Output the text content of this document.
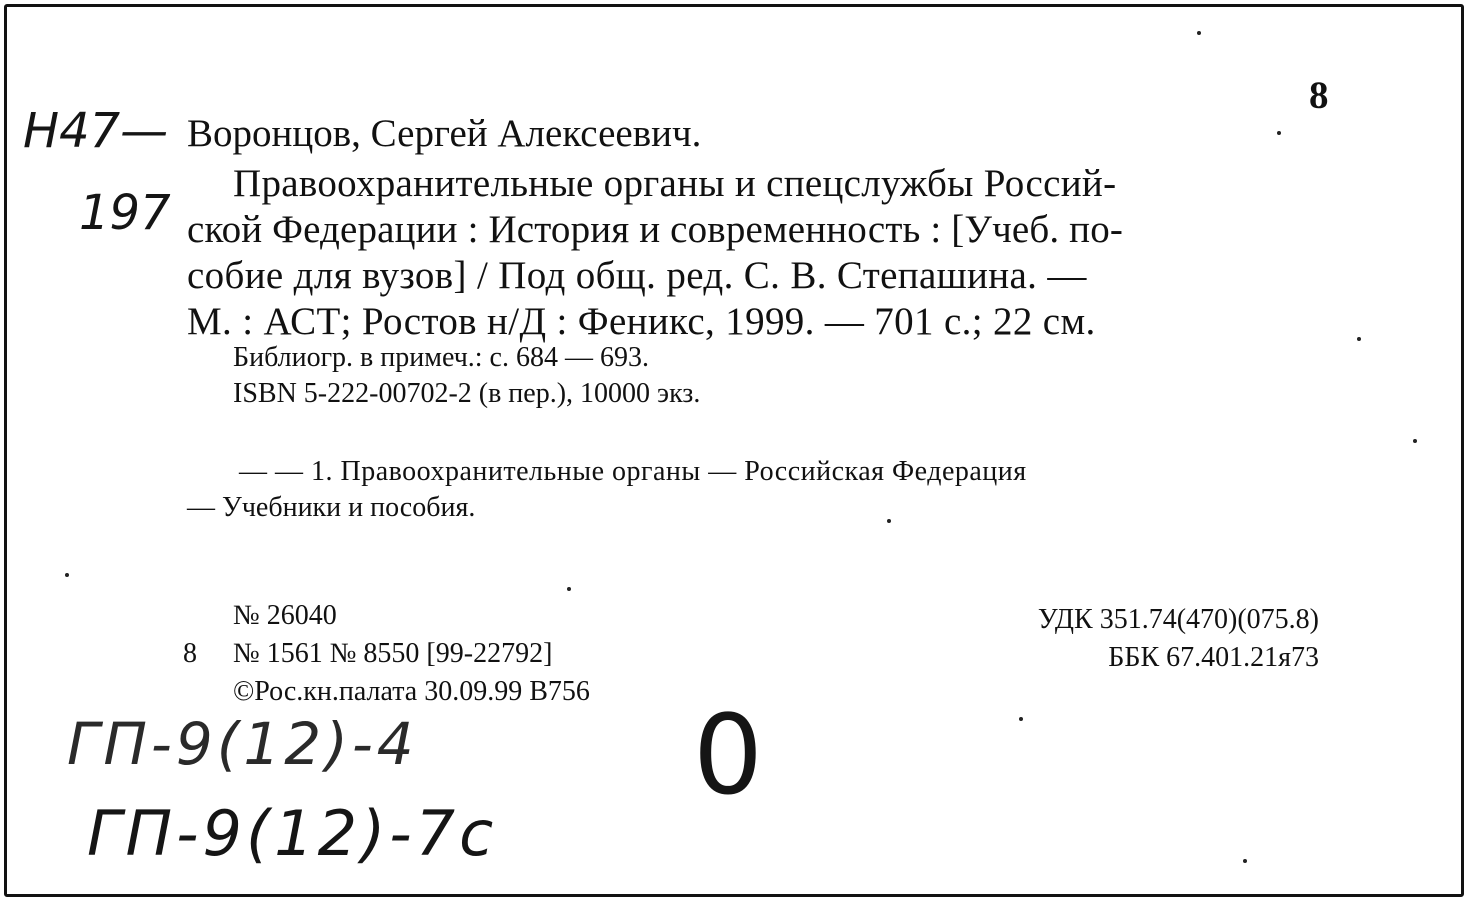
8
Н47—
197
Воронцов, Сергей Алексеевич.
Правоохранительные органы и спецслужбы Россий-
ской Федерации : История и современность : [Учеб. по-
собие для вузов] / Под общ. ред. С. В. Степашина. —
М. : АСТ; Ростов н/Д : Феникс, 1999. — 701 с.; 22 см.
Библиогр. в примеч.: с. 684 — 693.
ISBN 5-222-00702-2 (в пер.), 10000 экз.
— — 1. Правоохранительные органы — Российская Федерация
— Учебники и пособия.
№ 26040
8 № 1561 № 8550 [99-22792]
©Рос.кн.палата 30.09.99 В756
УДК 351.74(470)(075.8)
ББК 67.401.21я73
ГП-9(12)-4
ГП-9(12)-7с
0
